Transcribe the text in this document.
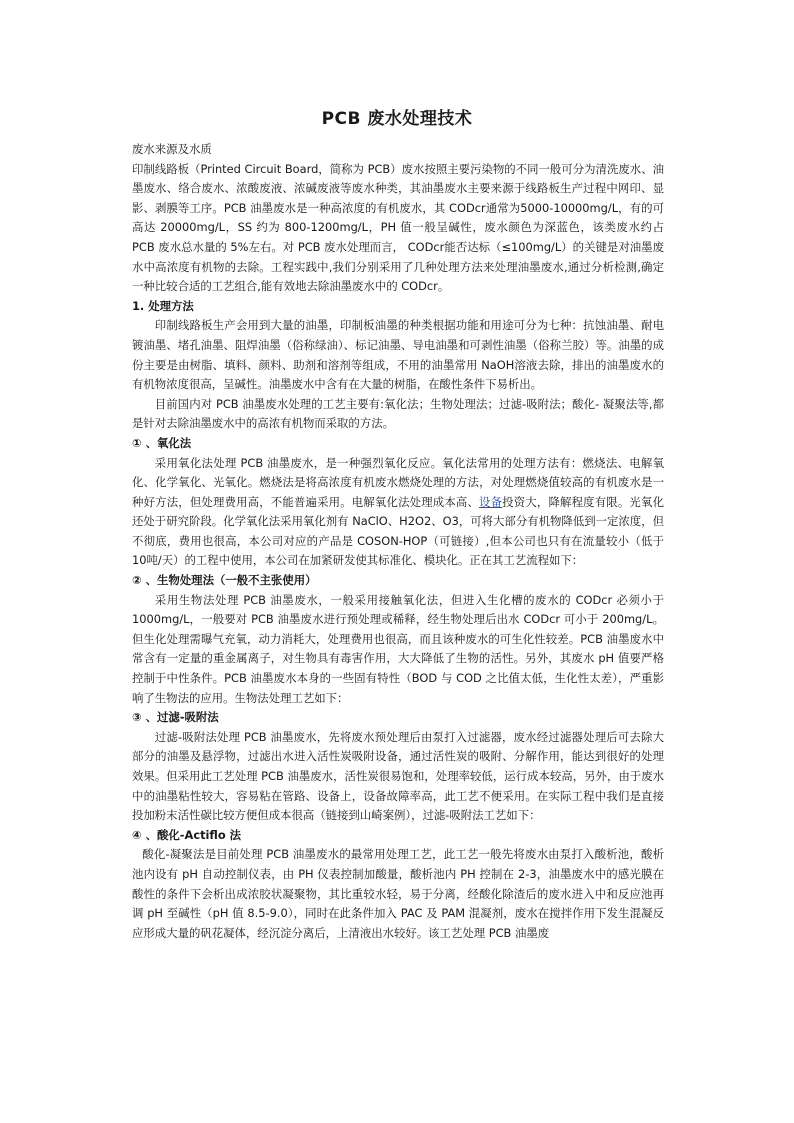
PCB 废水处理技术

废水来源及水质

印制线路板（Printed Circuit Board，简称为 PCB）废水按照主要污染物的不同一般可分为清洗废水、油墨废水、络合废水、浓酸废液、浓碱废液等废水种类，其油墨废水主要来源于线路板生产过程中网印、显影、剥膜等工序。PCB 油墨废水是一种高浓度的有机废水，其 CODcr通常为5000-10000mg/L，有的可高达 20000mg/L，SS 约为 800-1200mg/L，PH 值一般呈碱性，废水颜色为深蓝色，该类废水约占 PCB 废水总水量的 5%左右。对 PCB 废水处理而言， CODcr能否达标（≤100mg/L）的关键是对油墨废水中高浓度有机物的去除。工程实践中,我们分别采用了几种处理方法来处理油墨废水,通过分析检测,确定一种比较合适的工艺组合,能有效地去除油墨废水中的 CODcr。

1. 处理方法

印制线路板生产会用到大量的油墨，印制板油墨的种类根据功能和用途可分为七种：抗蚀油墨、耐电镀油墨、堵孔油墨、阻焊油墨（俗称绿油）、标记油墨、导电油墨和可剥性油墨（俗称兰胶）等。油墨的成份主要是由树脂、填料、颜料、助剂和溶剂等组成，不用的油墨常用 NaOH溶液去除，排出的油墨废水的有机物浓度很高，呈碱性。油墨废水中含有在大量的树脂，在酸性条件下易析出。

目前国内对 PCB 油墨废水处理的工艺主要有:氧化法；生物处理法；过滤-吸附法；酸化- 凝聚法等,都是针对去除油墨废水中的高浓有机物而采取的方法。

① 、氧化法

采用氧化法处理 PCB 油墨废水，是一种强烈氧化反应。氧化法常用的处理方法有：燃烧法、电解氧化、化学氧化、光氧化。燃烧法是将高浓度有机废水燃烧处理的方法，对处理燃烧值较高的有机废水是一种好方法，但处理费用高，不能普遍采用。电解氧化法处理成本高、设备投资大，降解程度有限。光氧化还处于研究阶段。化学氧化法采用氧化剂有 NaClO、H2O2、O3，可将大部分有机物降低到一定浓度，但不彻底，费用也很高，本公司对应的产品是 COSON-HOP（可链接）,但本公司也只有在流量较小（低于 10吨/天）的工程中使用，本公司在加紧研发使其标准化、模块化。正在其工艺流程如下：

② 、生物处理法（一般不主张使用）

采用生物法处理 PCB 油墨废水，一般采用接触氧化法，但进入生化槽的废水的 CODcr 必须小于 1000mg/L，一般要对 PCB 油墨废水进行预处理或稀释，经生物处理后出水 CODcr 可小于 200mg/L。但生化处理需曝气充氧，动力消耗大，处理费用也很高，而且该种废水的可生化性较差。PCB 油墨废水中常含有一定量的重金属离子，对生物具有毒害作用，大大降低了生物的活性。另外，其废水 pH 值要严格控制于中性条件。PCB 油墨废水本身的一些固有特性（BOD 与 COD 之比值太低，生化性太差），严重影响了生物法的应用。生物法处理工艺如下：

③ 、过滤-吸附法

过滤-吸附法处理 PCB 油墨废水，先将废水预处理后由泵打入过滤器，废水经过滤器处理后可去除大部分的油墨及悬浮物，过滤出水进入活性炭吸附设备，通过活性炭的吸附、分解作用，能达到很好的处理效果。但采用此工艺处理 PCB 油墨废水，活性炭很易饱和，处理率较低，运行成本较高，另外，由于废水中的油墨粘性较大，容易粘在管路、设备上，设备故障率高，此工艺不便采用。在实际工程中我们是直接投加粉末活性碳比较方便但成本很高（链接到山崎案例），过滤-吸附法工艺如下：

④ 、酸化-Actiflo 法

酸化-凝聚法是目前处理 PCB 油墨废水的最常用处理工艺，此工艺一般先将废水由泵打入酸析池，酸析池内设有 pH 自动控制仪表，由 PH 仪表控制加酸量，酸析池内 PH 控制在 2-3，油墨废水中的感光膜在酸性的条件下会析出成浓胶状凝聚物，其比重较水轻，易于分离，经酸化除渣后的废水进入中和反应池再调 pH 至碱性（pH 值 8.5-9.0），同时在此条件加入 PAC 及 PAM 混凝剂，废水在搅拌作用下发生混凝反应形成大量的矾花凝体，经沉淀分离后，上清液出水较好。该工艺处理 PCB 油墨废
